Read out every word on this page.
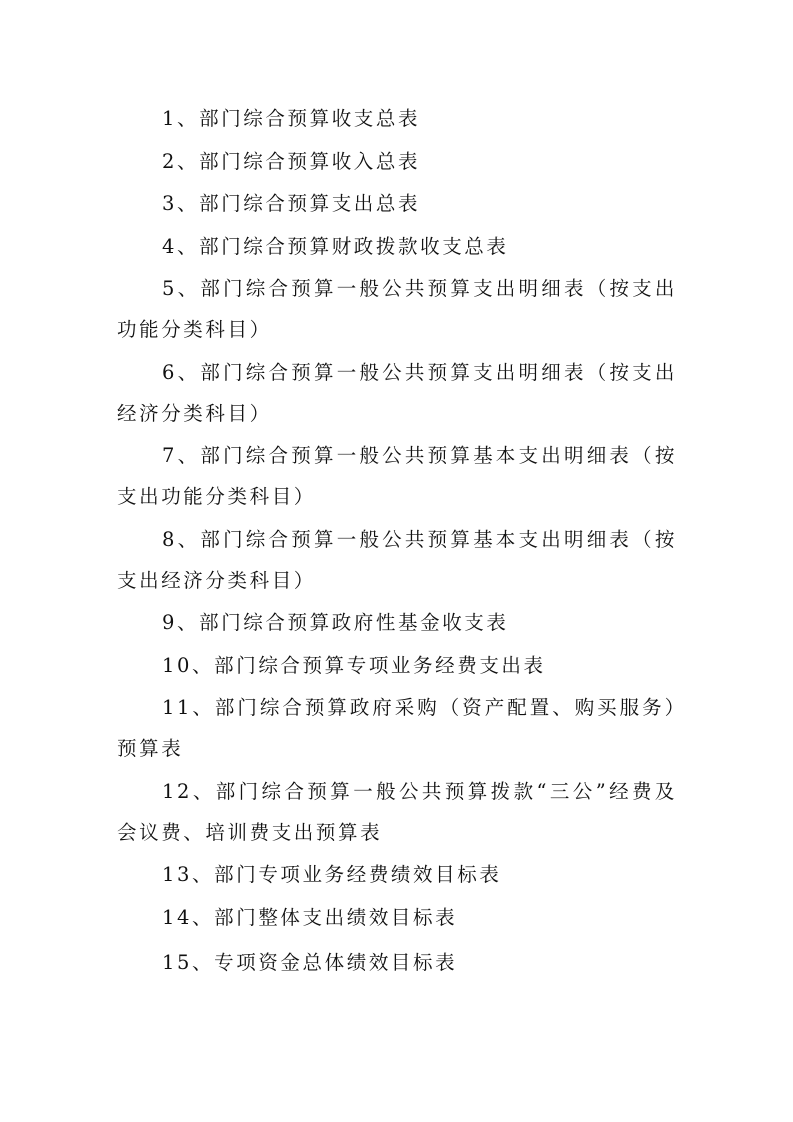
1、部门综合预算收支总表
2、部门综合预算收入总表
3、部门综合预算支出总表
4、部门综合预算财政拨款收支总表
5、部门综合预算一般公共预算支出明细表（按支出功能分类科目）
6、部门综合预算一般公共预算支出明细表（按支出经济分类科目）
7、部门综合预算一般公共预算基本支出明细表（按支出功能分类科目）
8、部门综合预算一般公共预算基本支出明细表（按支出经济分类科目）
9、部门综合预算政府性基金收支表
10、部门综合预算专项业务经费支出表
11、部门综合预算政府采购（资产配置、购买服务）预算表
12、部门综合预算一般公共预算拨款“三公”经费及会议费、培训费支出预算表
13、部门专项业务经费绩效目标表
14、部门整体支出绩效目标表
15、专项资金总体绩效目标表
